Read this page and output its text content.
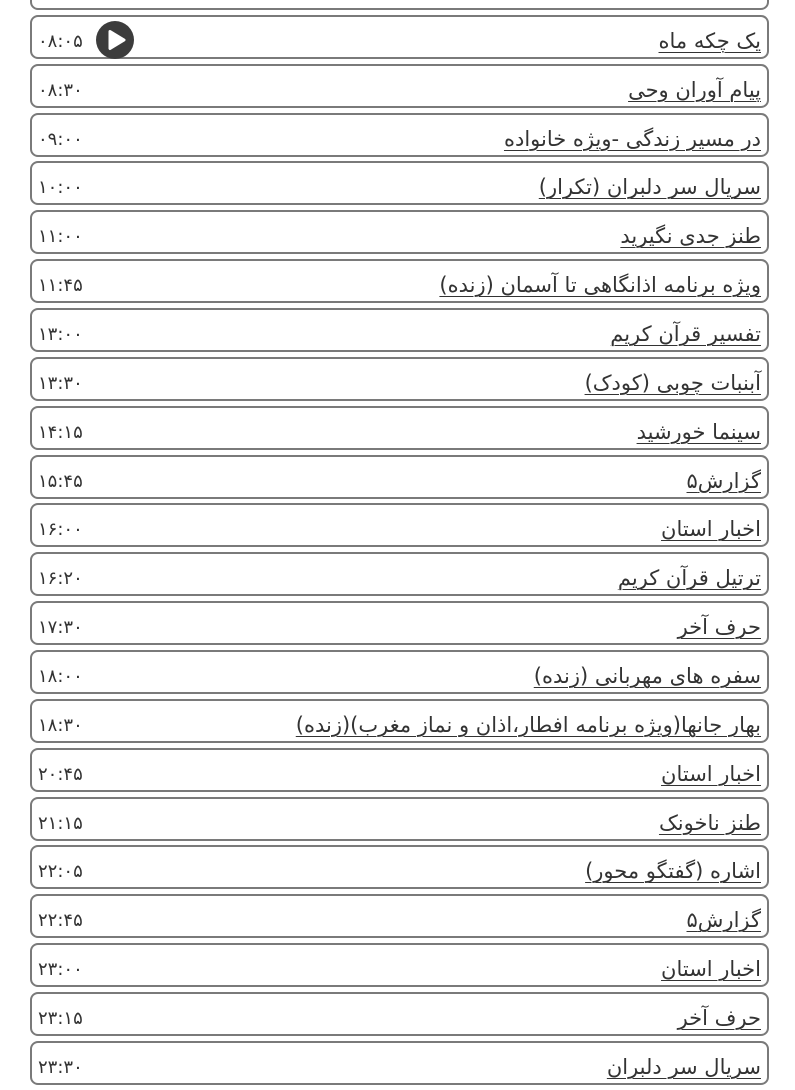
یک چکه ماه
۰۸:۰۵
پیام آوران وحی
۰۸:۳۰
در مسیر زندگی -ویژه خانواده
۰۹:۰۰
سریال سر دلبران (تکرار)
۱۰:۰۰
طنز جدی نگیرید
۱۱:۰۰
ویژه برنامه اذانگاهی تا آسمان (زنده)
۱۱:۴۵
تفسیر قرآن کریم
۱۳:۰۰
آبنبات چوبی (کودک)
۱۳:۳۰
سینما خورشید
۱۴:۱۵
گزارش۵
۱۵:۴۵
اخبار استان
۱۶:۰۰
ترتیل قرآن کریم
۱۶:۲۰
حرف آخر
۱۷:۳۰
سفره های مهربانی (زنده)
۱۸:۰۰
بهار جانها(ویژه برنامه افطار،اذان و نماز مغرب)(زنده)
۱۸:۳۰
اخبار استان
۲۰:۴۵
طنز ناخونک
۲۱:۱۵
اشاره (گفتگو محور)
۲۲:۰۵
گزارش۵
۲۲:۴۵
اخبار استان
۲۳:۰۰
حرف آخر
۲۳:۱۵
سریال سر دلبران
۲۳:۳۰
